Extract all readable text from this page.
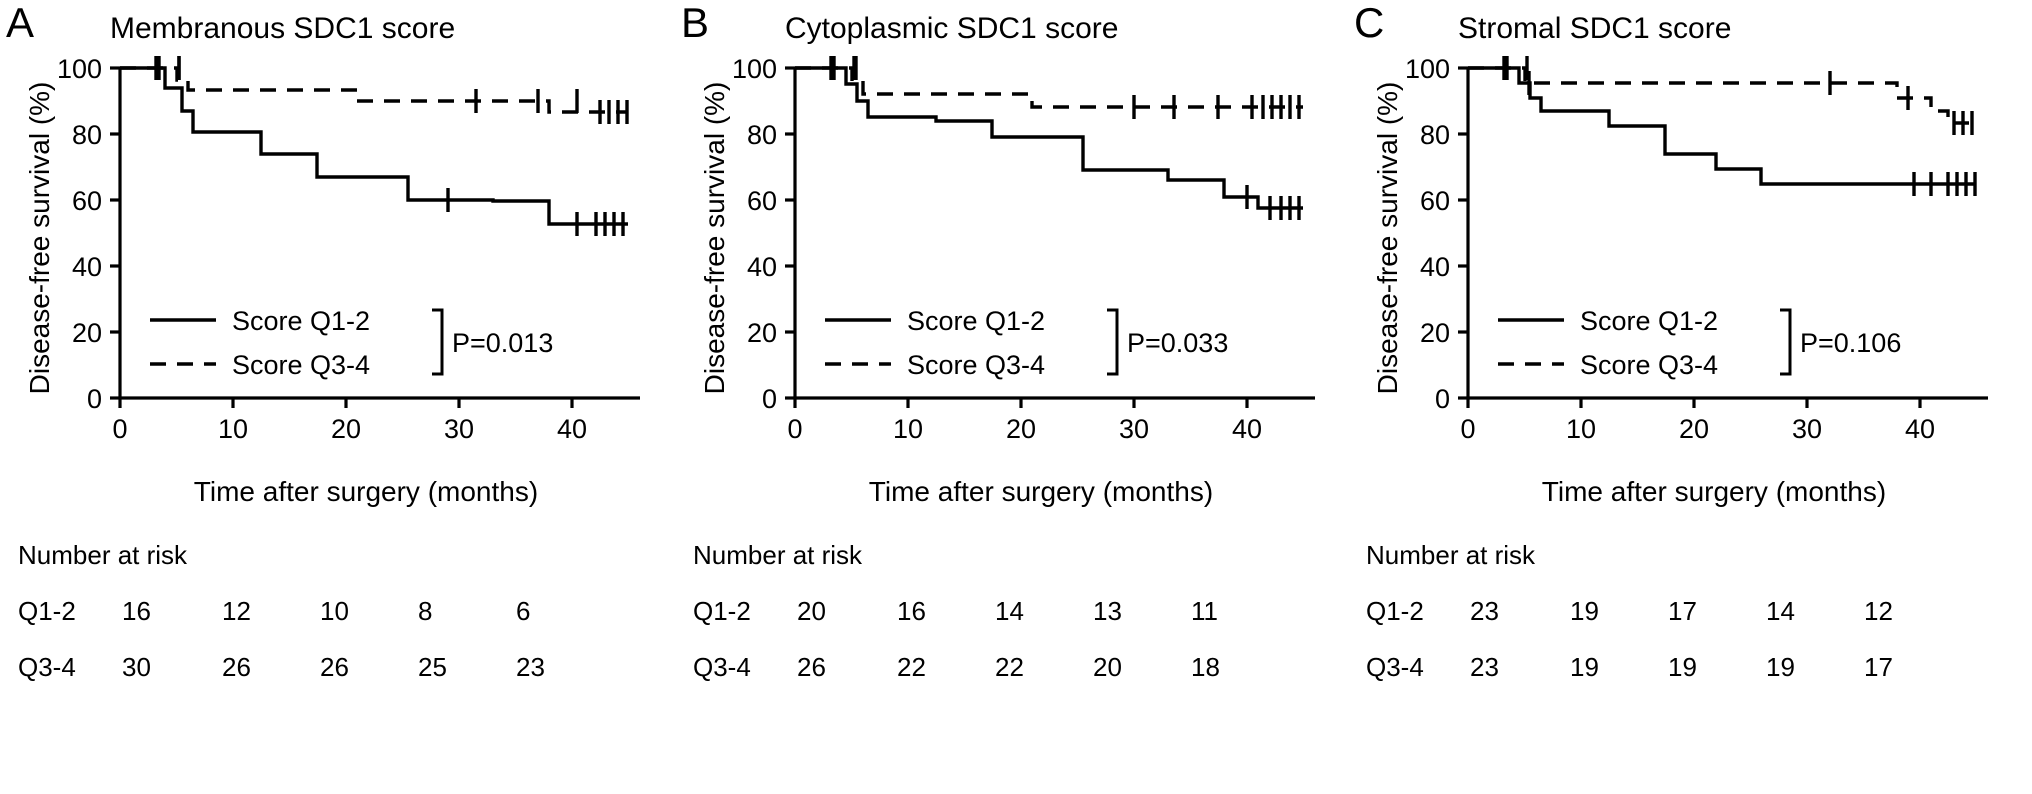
A	Membranous SDC1 score
0
20
40
60
80
100
0	10	20	30	40
Score Q1-2
Score Q3-4
P=0.013
Disease-free survival (%)
Time after surgery (months)
Number at risk
Q1-2	16	12	10	8	6
Q3-4	30	26	26	25	23
B	Cytoplasmic SDC1 score
0
20
40
60
80
100
0	10	20	30	40
Score Q1-2
Score Q3-4
P=0.033
Disease-free survival (%)
Time after surgery (months)
Number at risk
Q1-2	20	16	14	13	11
Q3-4	26	22	22	20	18
C Stromal SDC1 score
0
20
40
60
80
100
0	10	20	30	40
Score Q1-2
Score Q3-4
P=0.106
Disease-free survival (%)
Time after surgery (months)
Number at risk
Q1-2	23	19	17	14	12
Q3-4	23	19	19	19	17
